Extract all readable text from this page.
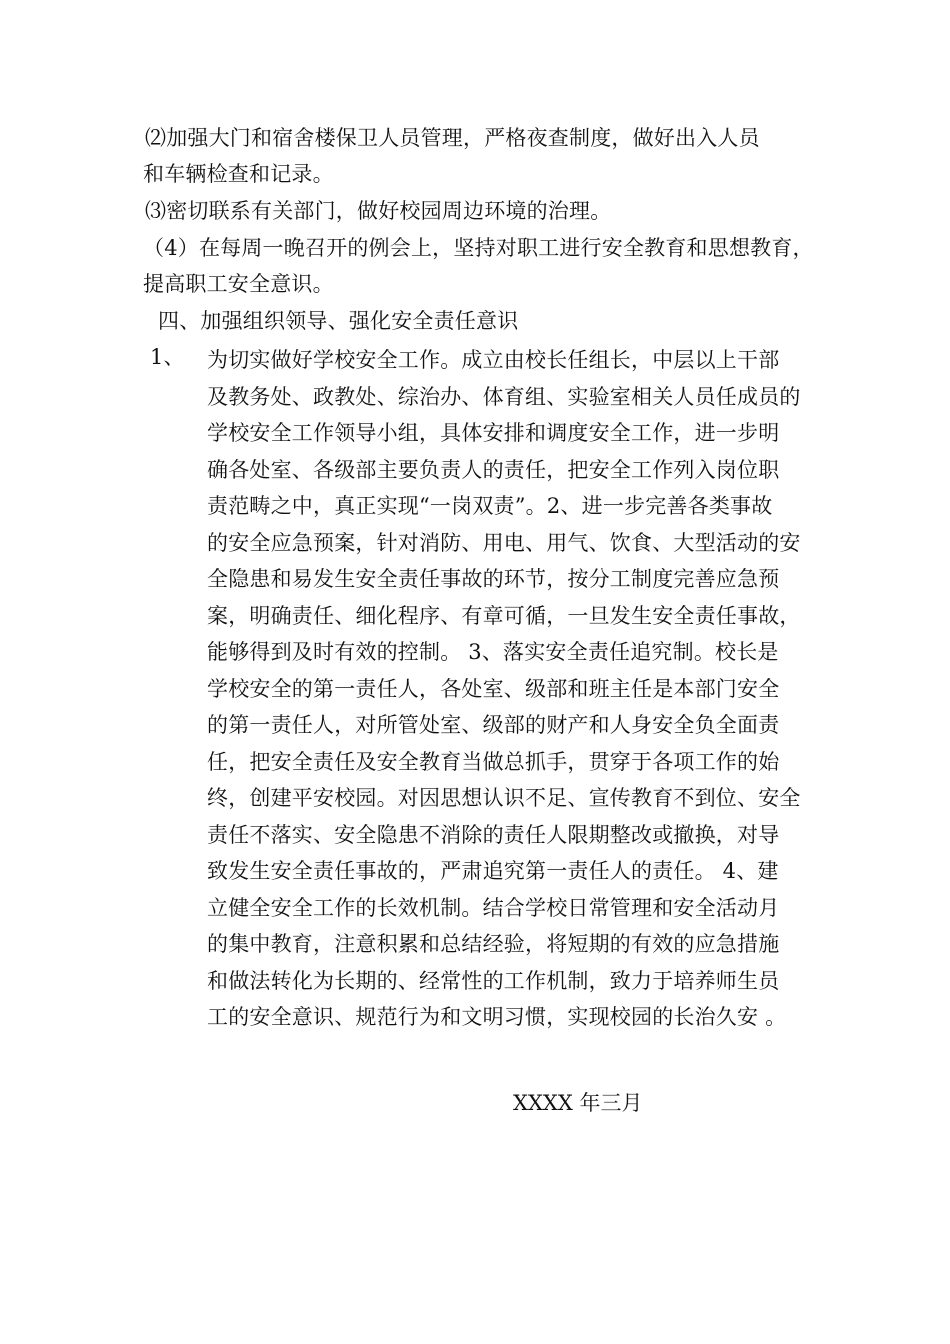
⑵加强大门和宿舍楼保卫人员管理，严格夜查制度，做好出入人员
和车辆检查和记录。
⑶密切联系有关部门，做好校园周边环境的治理。
（4）在每周一晚召开的例会上，坚持对职工进行安全教育和思想教育，
提高职工安全意识。
四、加强组织领导、强化安全责任意识
1、 为切实做好学校安全工作。成立由校长任组长，中层以上干部
及教务处、政教处、综治办、体育组、实验室相关人员任成员的
学校安全工作领导小组，具体安排和调度安全工作，进一步明
确各处室、各级部主要负责人的责任，把安全工作列入岗位职
责范畴之中，真正实现“一岗双责”。2、进一步完善各类事故
的安全应急预案，针对消防、用电、用气、饮食、大型活动的安
全隐患和易发生安全责任事故的环节，按分工制度完善应急预
案，明确责任、细化程序、有章可循，一旦发生安全责任事故，
能够得到及时有效的控制。 3、落实安全责任追究制。校长是
学校安全的第一责任人，各处室、级部和班主任是本部门安全
的第一责任人，对所管处室、级部的财产和人身安全负全面责
任，把安全责任及安全教育当做总抓手，贯穿于各项工作的始
终，创建平安校园。对因思想认识不足、宣传教育不到位、安全
责任不落实、安全隐患不消除的责任人限期整改或撤换，对导
致发生安全责任事故的，严肃追究第一责任人的责任。 4、建
立健全安全工作的长效机制。结合学校日常管理和安全活动月
的集中教育，注意积累和总结经验，将短期的有效的应急措施
和做法转化为长期的、经常性的工作机制，致力于培养师生员
工的安全意识、规范行为和文明习惯，实现校园的长治久安 。
XXXX 年三月
